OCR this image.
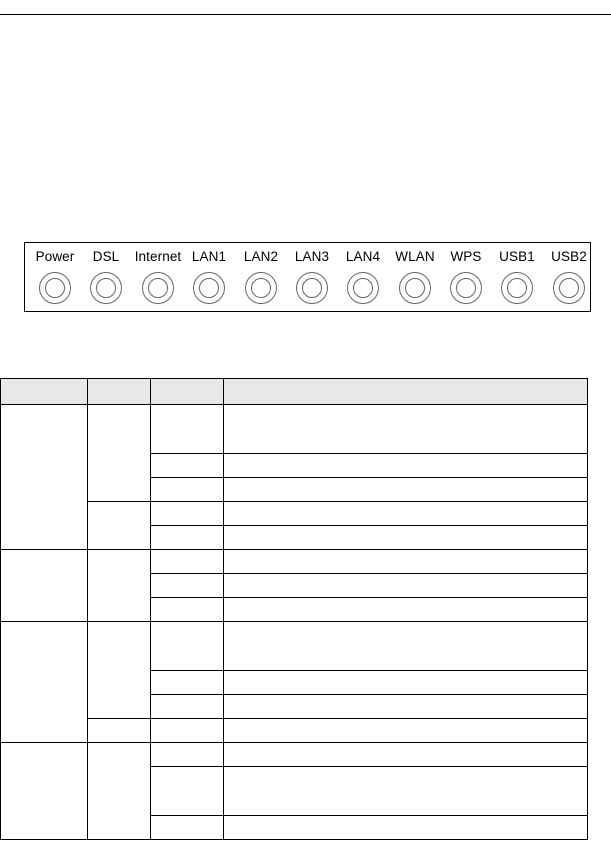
Power	DSL	Internet LAN1	LAN2	LAN3	LAN4	WLAN	WPS	USB1	USB2
